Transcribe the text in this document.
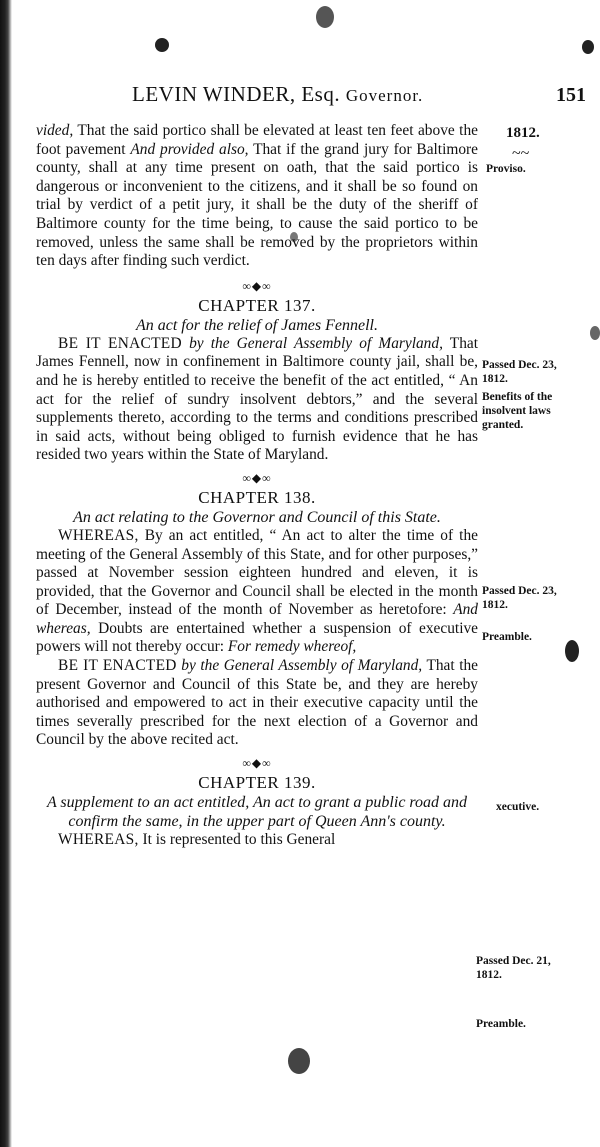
LEVIN WINDER, Esq. Governor.	151
1812.
~~
Proviso.
Passed Dec. 23, 1812.
Benefits of the insolvent laws granted.
Passed Dec. 23, 1812.
Preamble.
xecutive.
Passed Dec. 21, 1812.
Preamble.

vided, That the said portico shall be elevated at least ten feet above the foot pavement And provided also, That if the grand jury for Baltimore county, shall at any time present on oath, that the said portico is dangerous or inconvenient to the citizens, and it shall be so found on trial by verdict of a petit jury, it shall be the duty of the sheriff of Baltimore county for the time being, to cause the said portico to be removed, unless the same shall be removed by the proprietors within ten days after finding such verdict.

∞◆∞

CHAPTER 137.

An act for the relief of James Fennell.

BE IT ENACTED by the General Assembly of Maryland, That James Fennell, now in confinement in Baltimore county jail, shall be, and he is hereby entitled to receive the benefit of the act entitled, “ An act for the relief of sundry insolvent debtors,” and the several supplements thereto, according to the terms and conditions prescribed in said acts, without being obliged to furnish evidence that he has resided two years within the State of Maryland.

∞◆∞

CHAPTER 138.

An act relating to the Governor and Council of this State.

WHEREAS, By an act entitled, “ An act to alter the time of the meeting of the General Assembly of this State, and for other purposes,” passed at November session eighteen hundred and eleven, it is provided, that the Governor and Council shall be elected in the month of December, instead of the month of November as heretofore: And whereas, Doubts are entertained whether a suspension of executive powers will not thereby occur: For remedy whereof,

BE IT ENACTED by the General Assembly of Maryland, That the present Governor and Council of this State be, and they are hereby authorised and empowered to act in their executive capacity until the times severally prescribed for the next election of a Governor and Council by the above recited act.

∞◆∞

CHAPTER 139.

A supplement to an act entitled, An act to grant a public road and confirm the same, in the upper part of Queen Ann's county.

WHEREAS, It is represented to this General
